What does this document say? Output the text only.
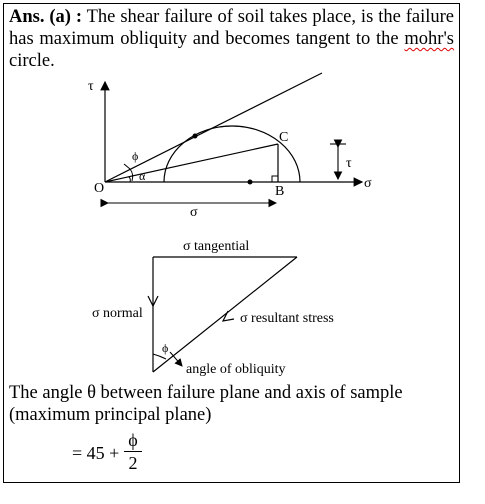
Ans. (a) : The shear failure of soil takes place, is the failure has maximum obliquity and becomes tangent to the mohr's circle.
τ
σ
O	B
C
ϕ
α
σ
τ
σ tangential
σ normal	σ resultant stress
ϕ
angle of obliquity
The angle θ between failure plane and axis of sample (maximum principal plane)
= 45 +
ϕ
2
